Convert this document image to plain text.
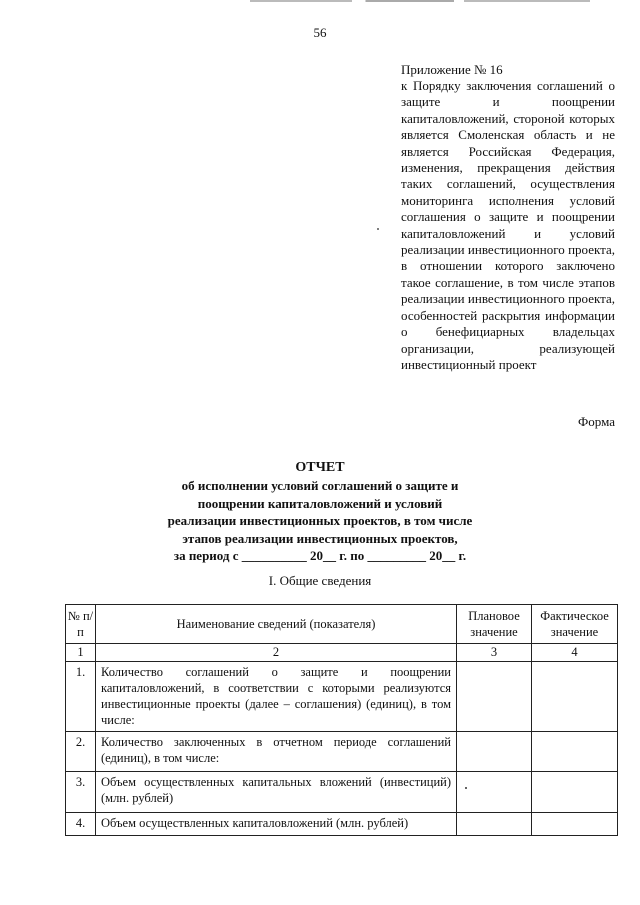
56
Приложение № 16

к Порядку заключения соглашений о защите и поощрении капиталовложений, стороной которых является Смоленская область и не является Российская Федерация, изменения, прекращения действия таких соглашений, осуществления мониторинга исполнения условий соглашения о защите и поощрении капиталовложений и условий реализации инвестиционного проекта, в отношении которого заключено такое соглашение, в том числе этапов реализации инвестиционного проекта, особенностей раскрытия информации о бенефициарных владельцах организации, реализующей инвестиционный проект

Форма
ОТЧЕТ
об исполнении условий соглашений о защите и
поощрении капиталовложений и условий
реализации инвестиционных проектов, в том числе
этапов реализации инвестиционных проектов,
за период с __________ 20__ г. по _________ 20__ г.
I. Общие сведения
№ п/п	Наименование сведений (показателя)	Плановое значение	Фактическое значение
1	2	3	4
1.	Количество соглашений о защите и поощрении капиталовложений, в соответствии с которыми реализуются инвестиционные проекты (далее – соглашения) (единиц), в том числе:		
2.	Количество заключенных в отчетном периоде соглашений (единиц), в том числе:		
3.	Объем осуществленных капитальных вложений (инвестиций) (млн. рублей)		
4.	Объем осуществленных капиталовложений (млн. рублей)		
